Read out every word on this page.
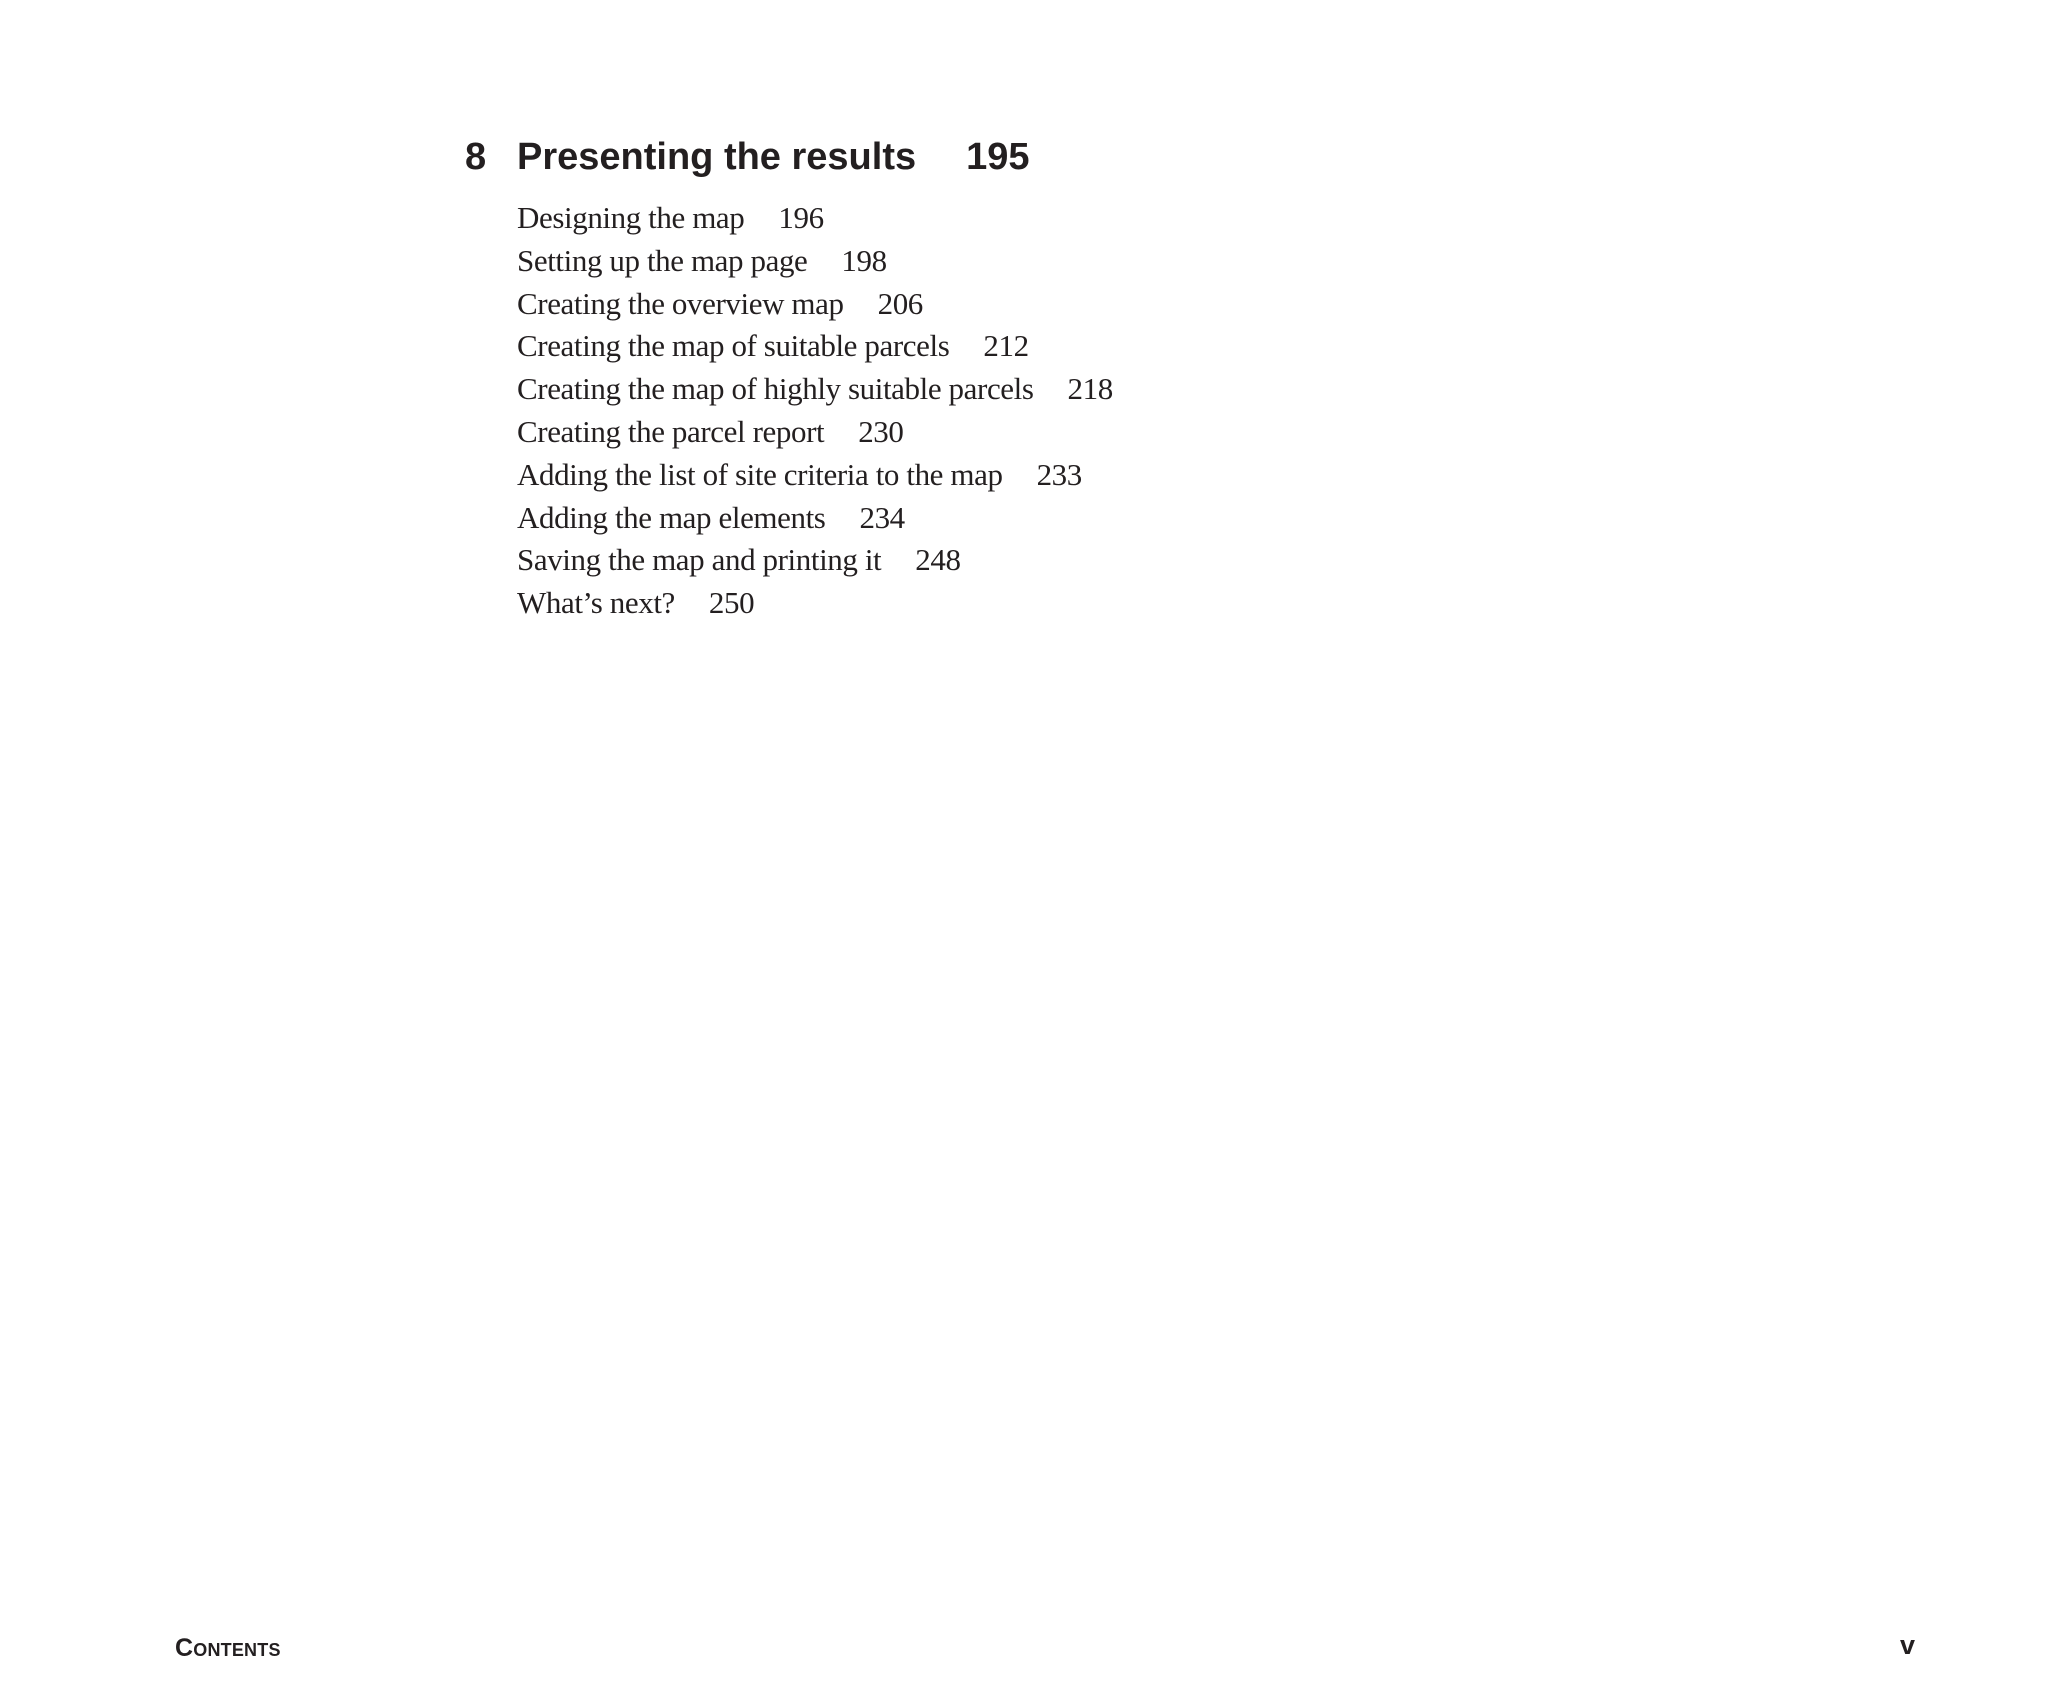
8 Presenting the results 195
Designing the map 196
Setting up the map page 198
Creating the overview map 206
Creating the map of suitable parcels 212
Creating the map of highly suitable parcels 218
Creating the parcel report 230
Adding the list of site criteria to the map 233
Adding the map elements 234
Saving the map and printing it 248
What’s next? 250
Contents	v
